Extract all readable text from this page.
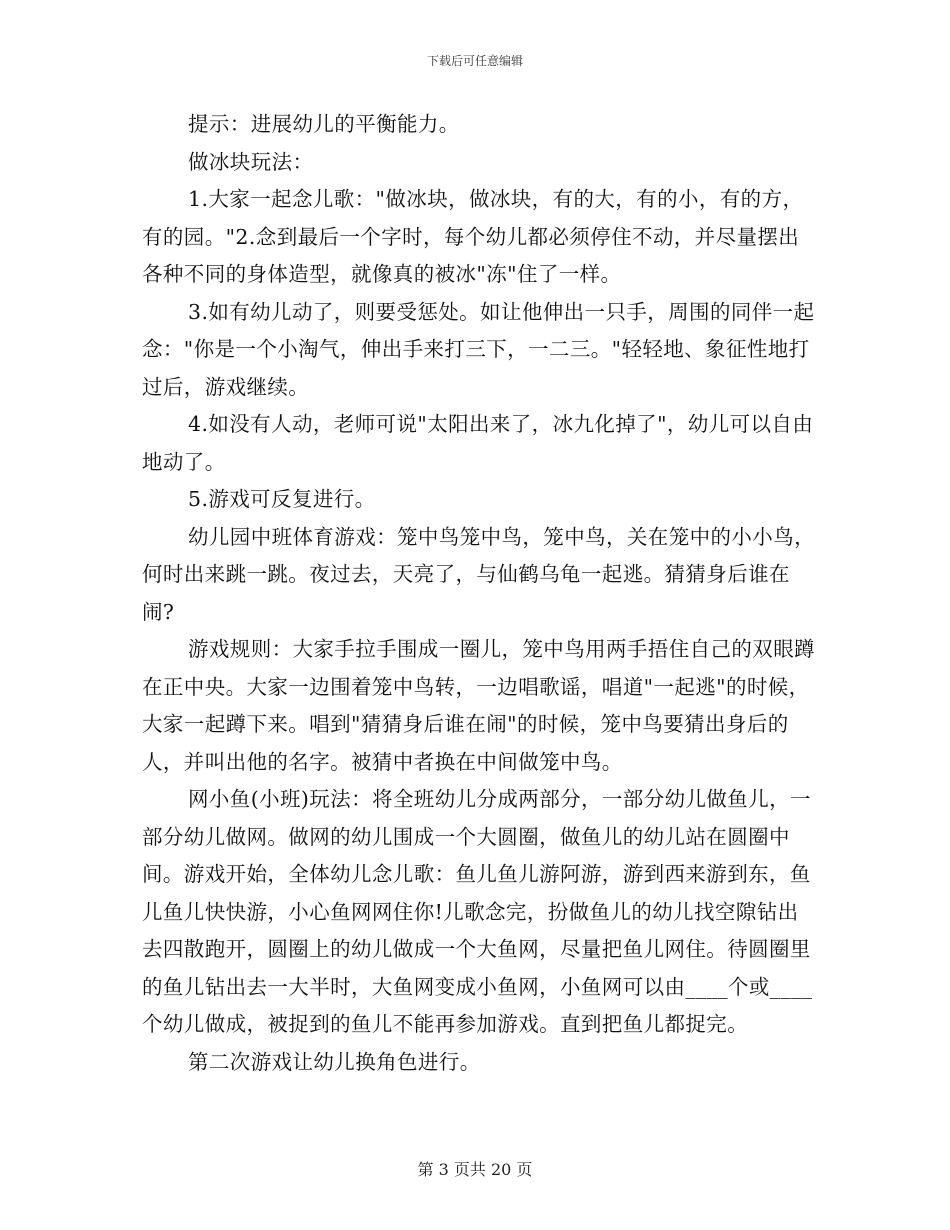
下载后可任意编辑

提示：进展幼儿的平衡能力。

做冰块玩法：

1.大家一起念儿歌："做冰块，做冰块，有的大，有的小，有的方，有的园。"2.念到最后一个字时，每个幼儿都必须停住不动，并尽量摆出各种不同的身体造型，就像真的被冰"冻"住了一样。

3.如有幼儿动了，则要受惩处。如让他伸出一只手，周围的同伴一起念："你是一个小淘气，伸出手来打三下，一二三。"轻轻地、象征性地打过后，游戏继续。

4.如没有人动，老师可说"太阳出来了，冰九化掉了"，幼儿可以自由地动了。

5.游戏可反复进行。

幼儿园中班体育游戏：笼中鸟笼中鸟，笼中鸟，关在笼中的小小鸟，何时出来跳一跳。夜过去，天亮了，与仙鹤乌龟一起逃。猜猜身后谁在闹?

游戏规则：大家手拉手围成一圈儿，笼中鸟用两手捂住自己的双眼蹲在正中央。大家一边围着笼中鸟转，一边唱歌谣，唱道"一起逃"的时候，大家一起蹲下来。唱到"猜猜身后谁在闹"的时候，笼中鸟要猜出身后的人，并叫出他的名字。被猜中者换在中间做笼中鸟。

网小鱼(小班)玩法：将全班幼儿分成两部分，一部分幼儿做鱼儿，一部分幼儿做网。做网的幼儿围成一个大圆圈，做鱼儿的幼儿站在圆圈中间。游戏开始，全体幼儿念儿歌：鱼儿鱼儿游阿游，游到西来游到东，鱼儿鱼儿快快游，小心鱼网网住你!儿歌念完，扮做鱼儿的幼儿找空隙钻出去四散跑开，圆圈上的幼儿做成一个大鱼网，尽量把鱼儿网住。待圆圈里的鱼儿钻出去一大半时，大鱼网变成小鱼网，小鱼网可以由____个或____个幼儿做成，被捉到的鱼儿不能再参加游戏。直到把鱼儿都捉完。

第二次游戏让幼儿换角色进行。

第 3 页共 20 页
